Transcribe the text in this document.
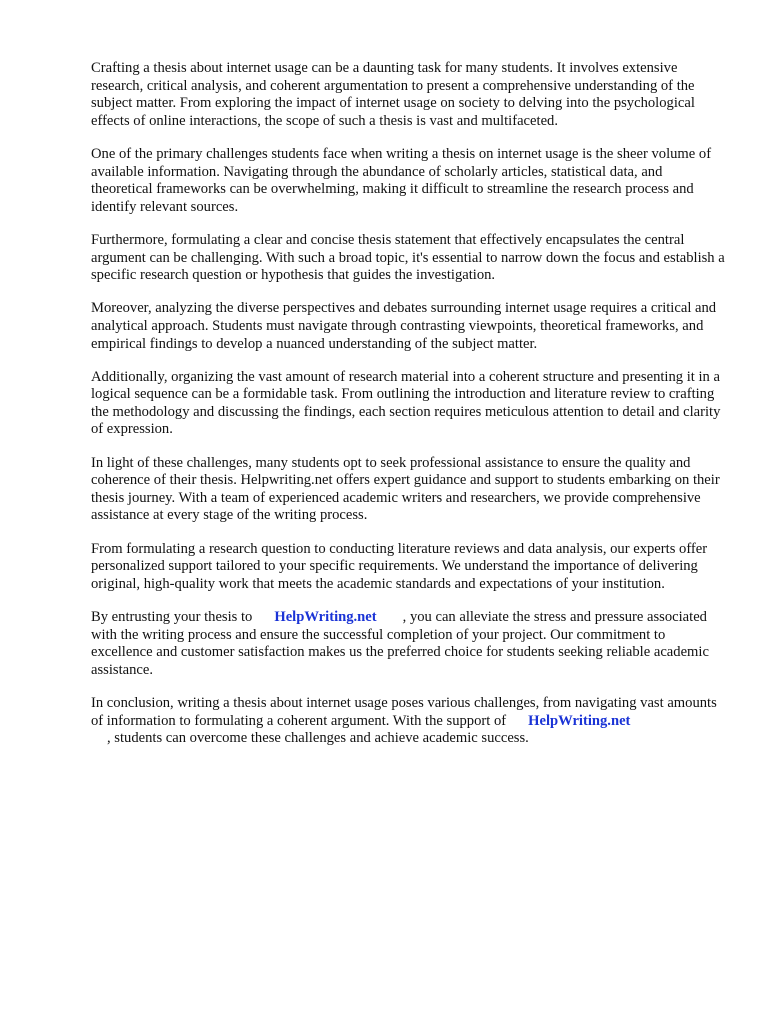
Crafting a thesis about internet usage can be a daunting task for many students. It involves extensive research, critical analysis, and coherent argumentation to present a comprehensive understanding of the subject matter. From exploring the impact of internet usage on society to delving into the psychological effects of online interactions, the scope of such a thesis is vast and multifaceted.

One of the primary challenges students face when writing a thesis on internet usage is the sheer volume of available information. Navigating through the abundance of scholarly articles, statistical data, and theoretical frameworks can be overwhelming, making it difficult to streamline the research process and identify relevant sources.

Furthermore, formulating a clear and concise thesis statement that effectively encapsulates the central argument can be challenging. With such a broad topic, it's essential to narrow down the focus and establish a specific research question or hypothesis that guides the investigation.

Moreover, analyzing the diverse perspectives and debates surrounding internet usage requires a critical and analytical approach. Students must navigate through contrasting viewpoints, theoretical frameworks, and empirical findings to develop a nuanced understanding of the subject matter.

Additionally, organizing the vast amount of research material into a coherent structure and presenting it in a logical sequence can be a formidable task. From outlining the introduction and literature review to crafting the methodology and discussing the findings, each section requires meticulous attention to detail and clarity of expression.

In light of these challenges, many students opt to seek professional assistance to ensure the quality and coherence of their thesis. Helpwriting.net offers expert guidance and support to students embarking on their thesis journey. With a team of experienced academic writers and researchers, we provide comprehensive assistance at every stage of the writing process.

From formulating a research question to conducting literature reviews and data analysis, our experts offer personalized support tailored to your specific requirements. We understand the importance of delivering original, high-quality work that meets the academic standards and expectations of your institution.

By entrusting your thesis to HelpWriting.net , you can alleviate the stress and pressure associated with the writing process and ensure the successful completion of your project. Our commitment to excellence and customer satisfaction makes us the preferred choice for students seeking reliable academic assistance.

In conclusion, writing a thesis about internet usage poses various challenges, from navigating vast amounts of information to formulating a coherent argument. With the support of HelpWriting.net
, students can overcome these challenges and achieve academic success.
